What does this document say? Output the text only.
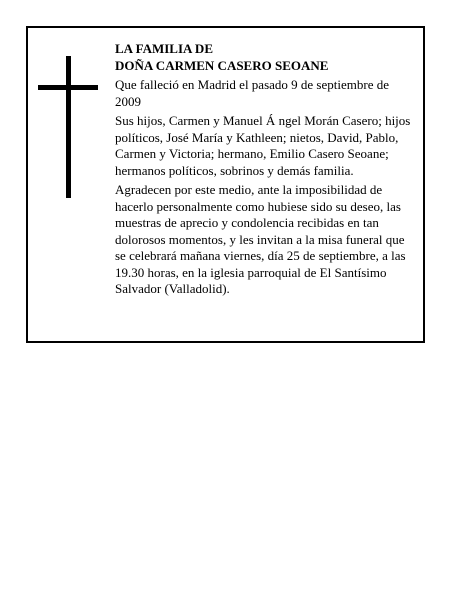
LA FAMILIA DE

DOÑA CARMEN CASERO SEOANE

Que falleció en Madrid el pasado 9 de septiembre de 2009

Sus hijos, Carmen y Manuel Á ngel Morán Casero; hijos políticos, José María y Kathleen; nietos, David, Pablo, Carmen y Victoria; hermano, Emilio Casero Seoane; hermanos políticos, sobrinos y demás familia.

Agradecen por este medio, ante la imposibilidad de hacerlo personalmente como hubiese sido su deseo, las muestras de aprecio y condolencia recibidas en tan dolorosos momentos, y les invitan a la misa funeral que se celebrará mañana viernes, día 25 de septiembre, a las 19.30 horas, en la iglesia parroquial de El Santísimo Salvador (Valladolid).
